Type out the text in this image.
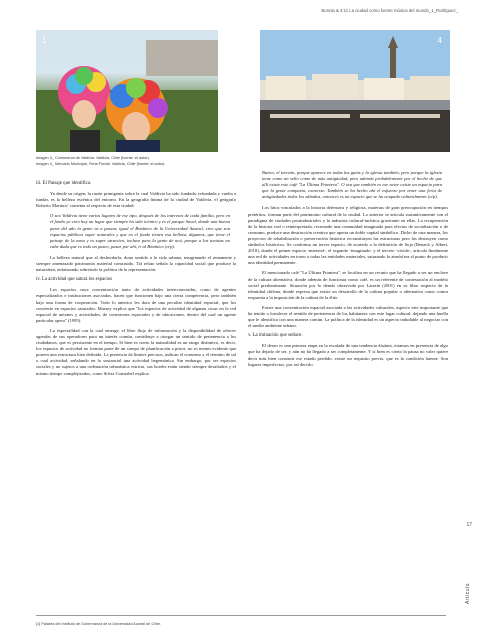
Bonnia & 4:11 La ciudad como fuente música del mundo_1_Rodriguez_
1	4
Imagen 3_ Comuneros de Valdivia. Valdivia, Chile (fuente: el autor).
Imagen 4_ Mercado Municipal, Feria Fluvial. Valdivia, Chile (fuente: el autor).
iii. El Paisaje que identifica.

Ya desde su origen, la razón primigenia sobre la cual Valdivia ha sido fundada, refundada y vuelta a fundar, es la belleza escénica del entorno. En la geografía íntima de la ciudad de Valdivia, el geógrafo Roberto Martinic' comenta al respecto de esta ciudad:

O sea Valdivia tiene varios lugares de ese tipo, después de los intereses de cada familia, pero en el fondo yo creo hay un lugar que siempre ha sido icónico y es el parque Saval, donde una buena parte del año la gente va a pasear, igual el Botánico de la Universidad Austral, creo que son espacios públicos super naturales y que en el fondo tienen esa belleza, digamos, que tiene el paisaje de la zona y es super atractivo, incluso para la gente de acá, porque a los turistas no cabe duda que es todo un paseo, pasar por ahí, ir al Botánico (o/p).

La belleza natural que al desbordarla, dona sentido a la vida urbana, marginando el remanente y siempre amenazado patrimonio material construido. Tal relato señala la capacidad social que produce la naturaleza, enfatizando sobretodo la política de la representación.

iv. La actividad que satura los espacios

Los espacios cuya concentración tanto de actividades interconectadas, como de agentes especializados e instituciones asociadas, hacen que funcionen bajo una cierta competencia, pero también bajo una forma de cooperación. Todo lo anterior les dota de una peculiar identidad espacial, que los convierte en espacios saturados. Massey explica que "los espacios de actividad de algunas cosas en la red espacial de uniones y actividades, de conexiones espaciales y de ubicaciones, dentro del cual un agente particular opera" (1995).

La especialidad con la cual emerge, el libre flujo de información y la disponibilidad de ofrecer agendas de sus operadores para un interés común, contribuye a otorgar un sentido de pertenencia a los ciudadanos, que es persistente en el tiempo. Si bien es cierto la naturalidad es un rango distintivo, es decir, los espacios de actividad no forman parte de un cuerpo de planificación a priori, no es menos evidente que poseen una estructura bien definida. La presencia de límites precisos, indican el consenso y el término de tal o cual actividad, señalando en lo sustancial una actividad hegemónica. Sin embargo, por ser espacios sociales y no sujetos a una ordenación urbanística estricta, sus bordes están siendo siempre desafiados y el mismo tiempo complejizados, como Silvia Constabel explica:

Bueno, el torreón, porque aparece en todas las guías y la iglesia también, pero porque la iglesia tiene como un sello como de más antigüedad, pero además probablemente por el hecho de que allí existe este café "La Última Frontera". O sea que también es ese actor existe un espacio para que la gente comparta, converse. También se ha hecho ahí el esfuerzo por tener una feria de antigüedades todos los sábados, entonces es un espacio que se ha ocupado culturalmente (o/p).

Los hitos vinculados a la historia defensiva y religiosa, materias de gran preocupación en tiempos pretéritos, forman parte del patrimonio cultural de la ciudad. Lo anterior se articula sustantivamente con el paradigma de ciudades postindustriales y la industria cultural-turística gravitante en ellas. La recuperación de la historia real o reinterpretada, recreando una comunidad imaginada para efectos de socialización o de consumo, produce una destrucción creativa que aporta un doble capital simbólico. Dicho de otra manera, los proyectos de rehabilitación o preservación histórica reconstituyen las estructuras pero las destruyen como símbolos históricos. Se conforma un tercer espacio, de acuerdo a la definición de Soja (Benach y Albert, 2010), donde el primer espacio -material-, el segundo -imaginado- y el tercero -vivido-, articula finalmente una red de actividades en torno a todas las entidades materiales, saturando la atmósfera al punto de producir una identidad permanente.

El mencionado café "La Última Frontera", se localiza en un recinto que ha llegado a ser un enclave de la cultura alternativa, donde además de funcionar como café, es un referente de contestación al modelo social predominante. Situación por lo demás observada por Larraín (2001) en su libro respecto de la identidad chilena, donde expresa que existe un desarrollo de la cultura popular o alternativa como contra respuesta a la imposición de la cultura de la élite.

Existe una concentración espacial asociada a las actividades culturales, aspecto este importante que ha tenido a fortalecer el sentido de pertenencia de los habitantes con este lugar cultural, dejando una huella que le identifica con una manera común. La política de la identidad es un aspecto indudable al negociar con el medio ambiente urbano.

v. La iminación que seduce.

El deseo es una primera etapa en la escalada de una tendencia distinta, estamos en presencia de algo que ha dejado de ser, y aún no ha llegado a ser completamente. Y si bien es cierto la pausa no valer quiere decir más bien construir ese estado perdido, existe un requisito previo, que es la condición latente. Son lugares imperfectos, por así decirlo.

17
Artículo
[1] Palabra del Instituto de Gobernanza de la Universidad Austral de Chile.
